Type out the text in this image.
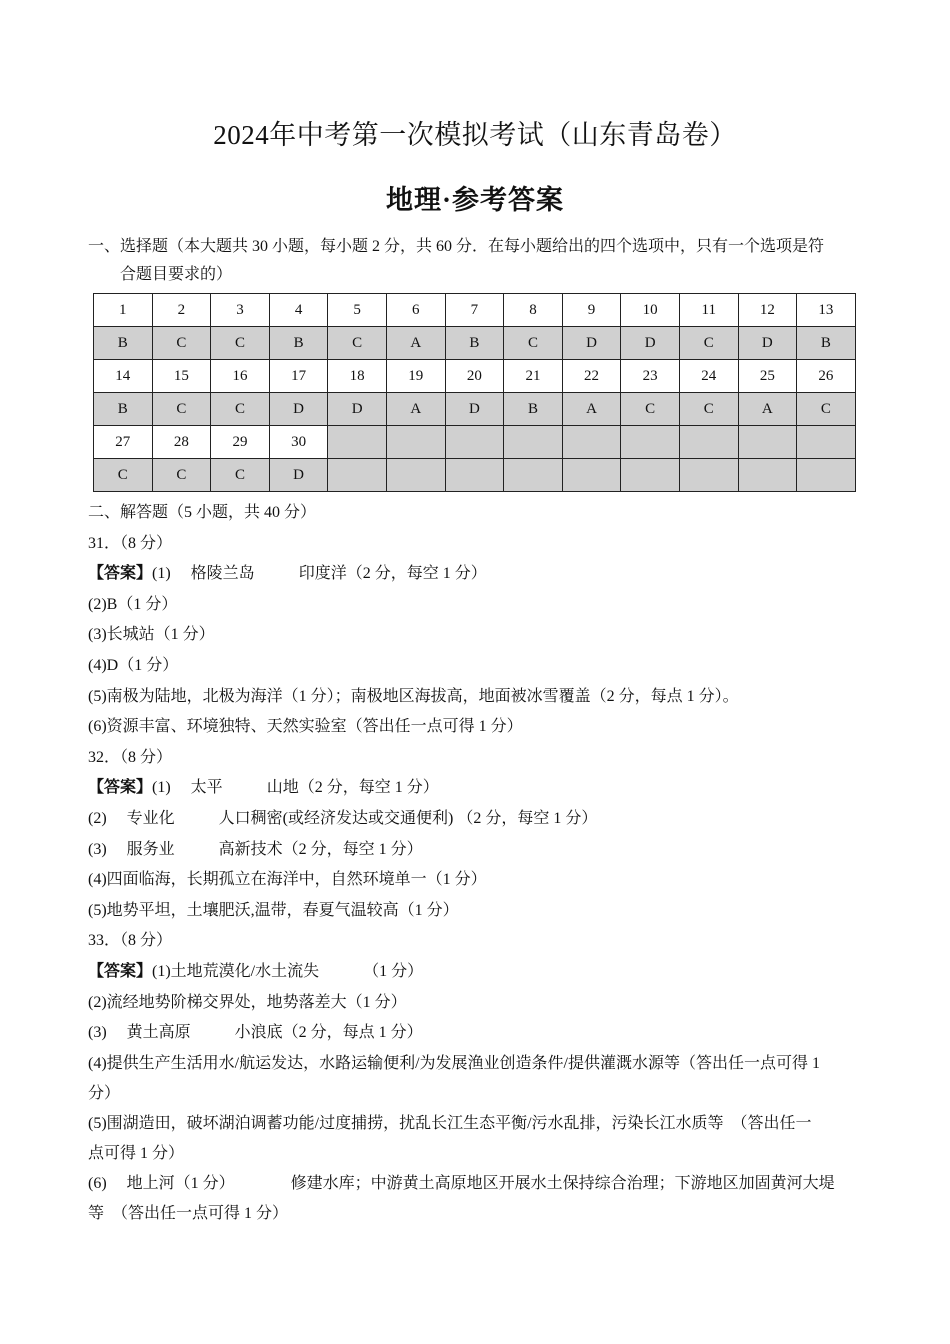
2024年中考第一次模拟考试（山东青岛卷）
地理·参考答案
一、选择题（本大题共 30 小题，每小题 2 分，共 60 分．在每小题给出的四个选项中，只有一个选项是符
合题目要求的）
1	2	3	4	5	6	7	8	9	10	11	12	13
B	C	C	B	C	A	B	C	D	D	C	D	B
14	15	16	17	18	19	20	21	22	23	24	25	26
B	C	C	D	D	A	D	B	A	C	C	A	C
27	28	29	30									
C	C	C	D									

二、解答题（5 小题，共 40 分）

31．（8 分）

【答案】(1)　 格陵兰岛	印度洋（2 分，每空 1 分）

(2)B（1 分）

(3)长城站（1 分）

(4)D（1 分）

(5)南极为陆地，北极为海洋（1 分）；南极地区海拔高，地面被冰雪覆盖（2 分，每点 1 分）。

(6)资源丰富、环境独特、天然实验室（答出任一点可得 1 分）

32．（8 分）

【答案】(1)　 太平	山地（2 分，每空 1 分）

(2)　 专业化	人口稠密(或经济发达或交通便利) （2 分，每空 1 分）

(3)　 服务业	高新技术（2 分，每空 1 分）

(4)四面临海，长期孤立在海洋中，自然环境单一（1 分）

(5)地势平坦，土壤肥沃,温带，春夏气温较高（1 分）

33．（8 分）

【答案】(1)土地荒漠化/水土流失	（1 分）

(2)流经地势阶梯交界处，地势落差大（1 分）

(3)　 黄土高原	小浪底（2 分，每点 1 分）

(4)提供生产生活用水/航运发达，水路运输便利/为发展渔业创造条件/提供灌溉水源等（答出任一点可得 1
分）

(5)围湖造田，破坏湖泊调蓄功能/过度捕捞，扰乱长江生态平衡/污水乱排，污染长江水质等　（答出任一
点可得 1 分）

(6)　 地上河（1 分）	修建水库；中游黄土高原地区开展水土保持综合治理；下游地区加固黄河大堤
等　（答出任一点可得 1 分）
